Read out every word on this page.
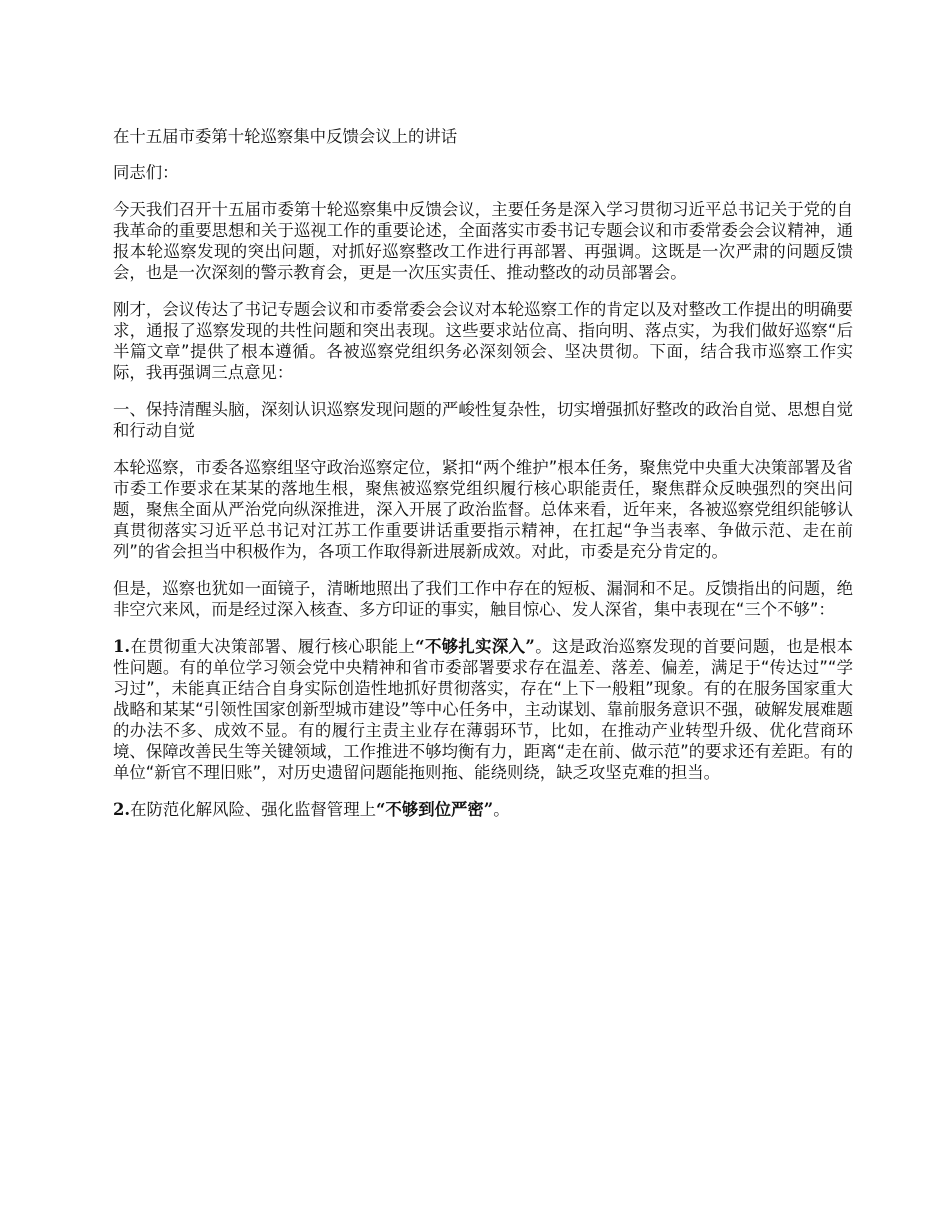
在十五届市委第十轮巡察集中反馈会议上的讲话

同志们：

今天我们召开十五届市委第十轮巡察集中反馈会议，主要任务是深入学习贯彻习近平总书记关于党的自我革命的重要思想和关于巡视工作的重要论述，全面落实市委书记专题会议和市委常委会会议精神，通报本轮巡察发现的突出问题，对抓好巡察整改工作进行再部署、再强调。这既是一次严肃的问题反馈会，也是一次深刻的警示教育会，更是一次压实责任、推动整改的动员部署会。

刚才，会议传达了书记专题会议和市委常委会会议对本轮巡察工作的肯定以及对整改工作提出的明确要求，通报了巡察发现的共性问题和突出表现。这些要求站位高、指向明、落点实，为我们做好巡察“后半篇文章”提供了根本遵循。各被巡察党组织务必深刻领会、坚决贯彻。下面，结合我市巡察工作实际，我再强调三点意见：

一、保持清醒头脑，深刻认识巡察发现问题的严峻性复杂性，切实增强抓好整改的政治自觉、思想自觉和行动自觉

本轮巡察，市委各巡察组坚守政治巡察定位，紧扣“两个维护”根本任务，聚焦党中央重大决策部署及省市委工作要求在某某的落地生根，聚焦被巡察党组织履行核心职能责任，聚焦群众反映强烈的突出问题，聚焦全面从严治党向纵深推进，深入开展了政治监督。总体来看，近年来，各被巡察党组织能够认真贯彻落实习近平总书记对江苏工作重要讲话重要指示精神，在扛起“争当表率、争做示范、走在前列”的省会担当中积极作为，各项工作取得新进展新成效。对此，市委是充分肯定的。

但是，巡察也犹如一面镜子，清晰地照出了我们工作中存在的短板、漏洞和不足。反馈指出的问题，绝非空穴来风，而是经过深入核查、多方印证的事实，触目惊心、发人深省，集中表现在“三个不够”：

1.在贯彻重大决策部署、履行核心职能上“不够扎实深入”。这是政治巡察发现的首要问题，也是根本性问题。有的单位学习领会党中央精神和省市委部署要求存在温差、落差、偏差，满足于“传达过”“学习过”，未能真正结合自身实际创造性地抓好贯彻落实，存在“上下一般粗”现象。有的在服务国家重大战略和某某“引领性国家创新型城市建设”等中心任务中，主动谋划、靠前服务意识不强，破解发展难题的办法不多、成效不显。有的履行主责主业存在薄弱环节，比如，在推动产业转型升级、优化营商环境、保障改善民生等关键领域，工作推进不够均衡有力，距离“走在前、做示范”的要求还有差距。有的单位“新官不理旧账”，对历史遗留问题能拖则拖、能绕则绕，缺乏攻坚克难的担当。

2.在防范化解风险、强化监督管理上“不够到位严密”。
